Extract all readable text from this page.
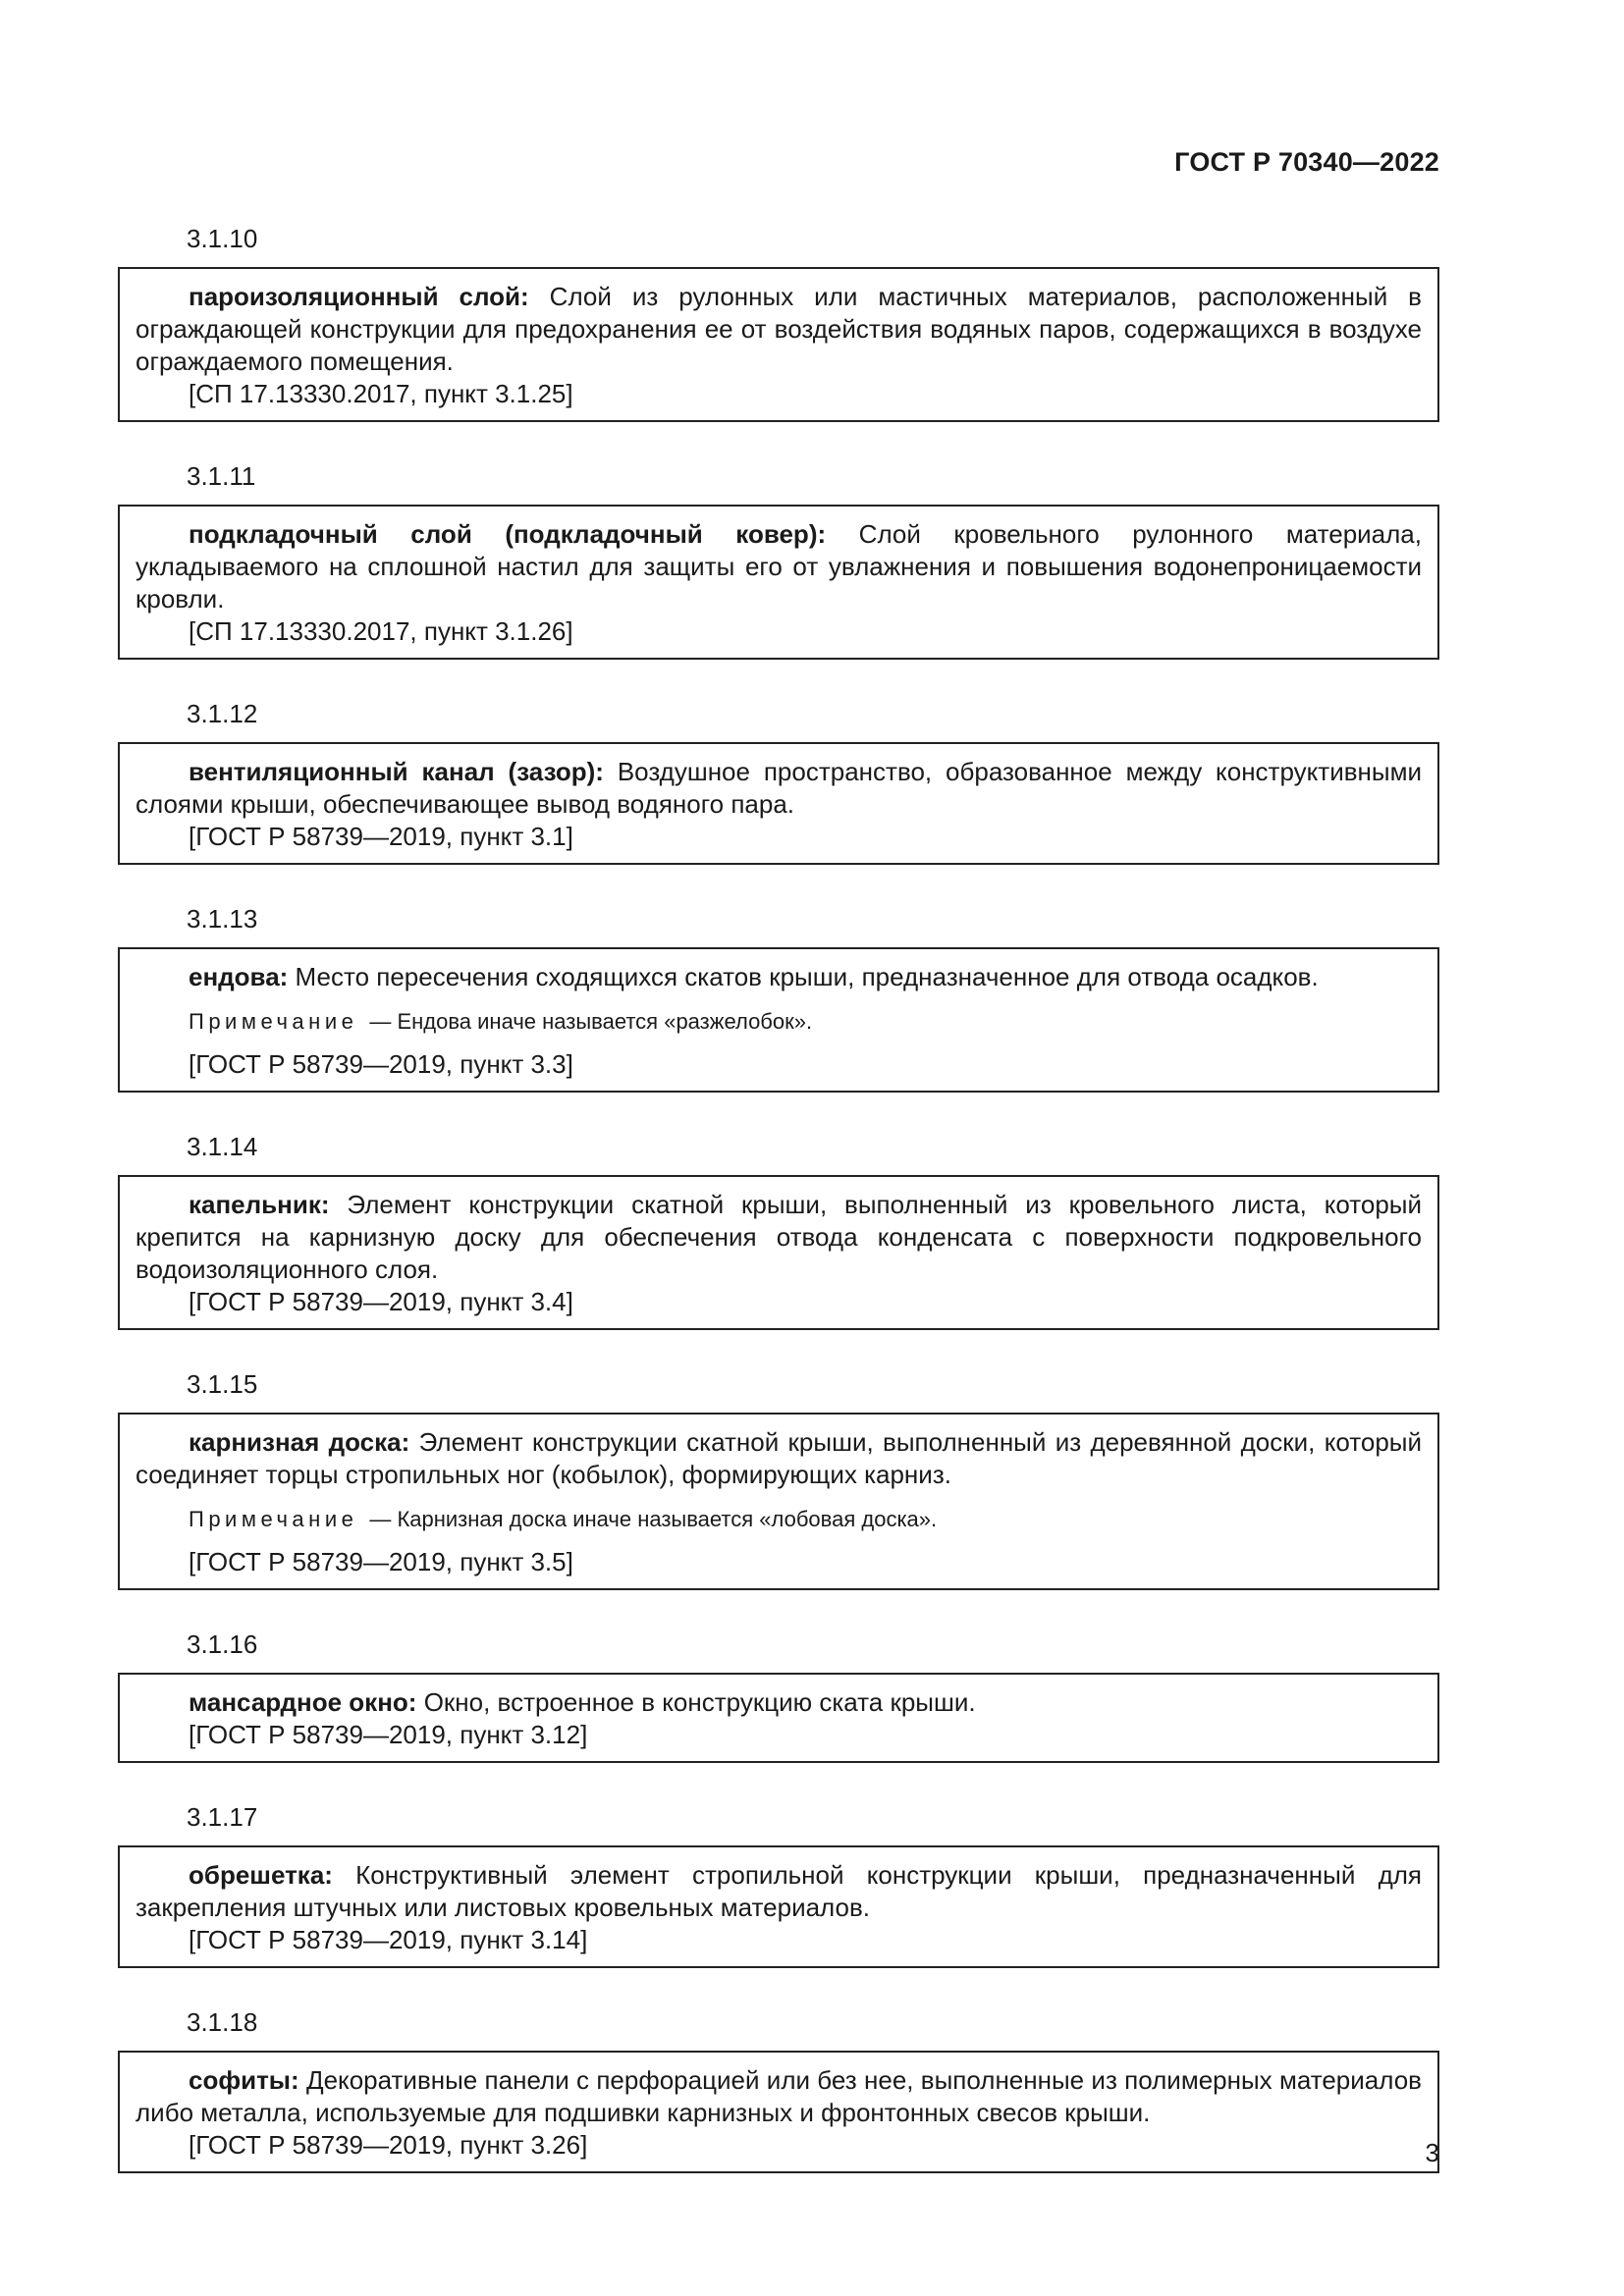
ГОСТ Р 70340—2022
3.1.10

пароизоляционный слой: Слой из рулонных или мастичных материалов, расположенный в ограждающей конструкции для предохранения ее от воздействия водяных паров, содержащихся в воздухе ограждаемого помещения.

[СП 17.13330.2017, пункт 3.1.25]

3.1.11

подкладочный слой (подкладочный ковер): Слой кровельного рулонного материала, укладываемого на сплошной настил для защиты его от увлажнения и повышения водонепроницаемости кровли.

[СП 17.13330.2017, пункт 3.1.26]

3.1.12

вентиляционный канал (зазор): Воздушное пространство, образованное между конструктивными слоями крыши, обеспечивающее вывод водяного пара.

[ГОСТ Р 58739—2019, пункт 3.1]

3.1.13

ендова: Место пересечения сходящихся скатов крыши, предназначенное для отвода осадков.

Примечание — Ендова иначе называется «разжелобок».

[ГОСТ Р 58739—2019, пункт 3.3]

3.1.14

капельник: Элемент конструкции скатной крыши, выполненный из кровельного листа, который крепится на карнизную доску для обеспечения отвода конденсата с поверхности подкровельного водоизоляционного слоя.

[ГОСТ Р 58739—2019, пункт 3.4]

3.1.15

карнизная доска: Элемент конструкции скатной крыши, выполненный из деревянной доски, который соединяет торцы стропильных ног (кобылок), формирующих карниз.

Примечание — Карнизная доска иначе называется «лобовая доска».

[ГОСТ Р 58739—2019, пункт 3.5]

3.1.16

мансардное окно: Окно, встроенное в конструкцию ската крыши.

[ГОСТ Р 58739—2019, пункт 3.12]

3.1.17

обрешетка: Конструктивный элемент стропильной конструкции крыши, предназначенный для закрепления штучных или листовых кровельных материалов.

[ГОСТ Р 58739—2019, пункт 3.14]

3.1.18

софиты: Декоративные панели с перфорацией или без нее, выполненные из полимерных материалов либо металла, используемые для подшивки карнизных и фронтонных свесов крыши.

[ГОСТ Р 58739—2019, пункт 3.26]	3
